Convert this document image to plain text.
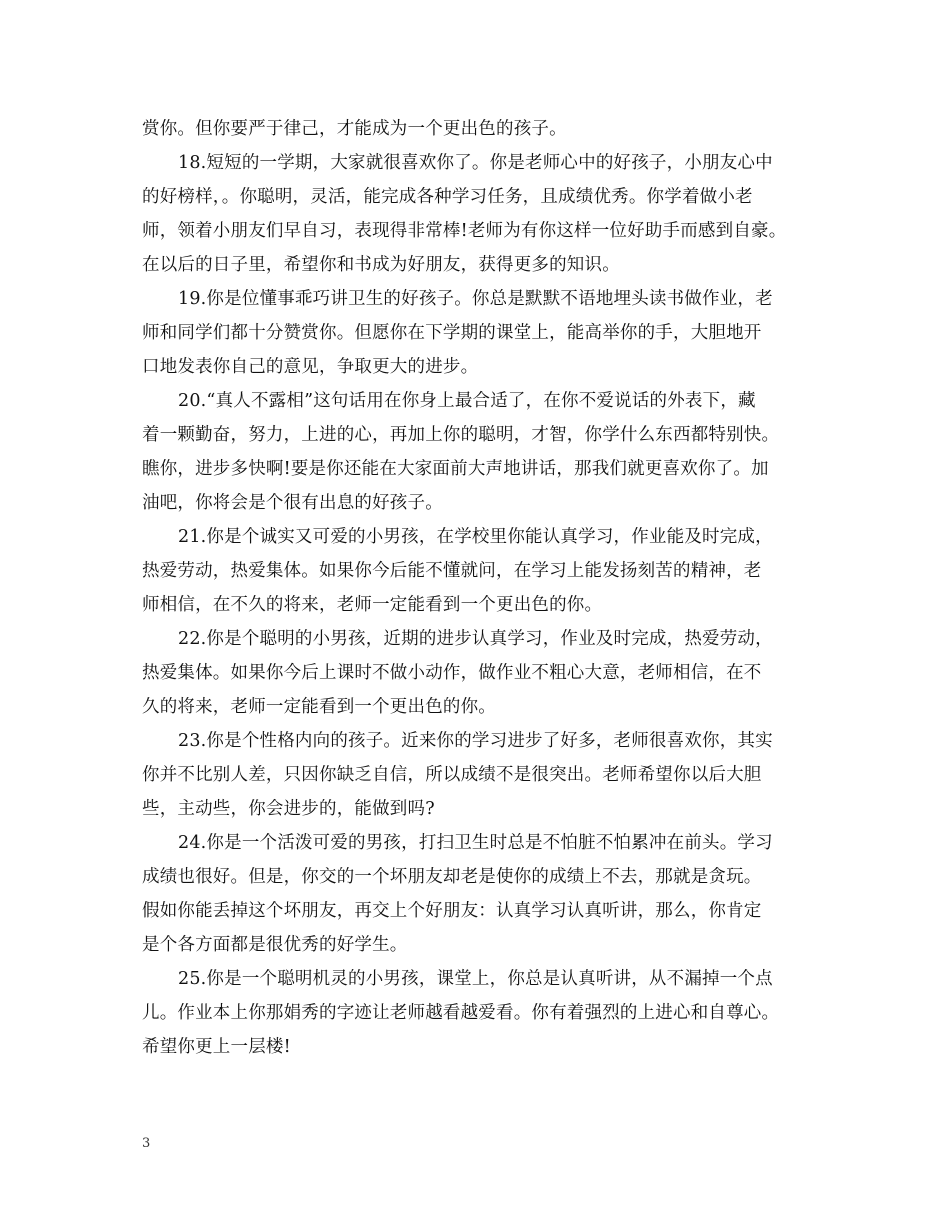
赏你。但你要严于律己，才能成为一个更出色的孩子。
18.短短的一学期，大家就很喜欢你了。你是老师心中的好孩子，小朋友心中
的好榜样，。你聪明，灵活，能完成各种学习任务，且成绩优秀。你学着做小老
师，领着小朋友们早自习，表现得非常棒!老师为有你这样一位好助手而感到自豪。
在以后的日子里，希望你和书成为好朋友，获得更多的知识。
19.你是位懂事乖巧讲卫生的好孩子。你总是默默不语地埋头读书做作业，老
师和同学们都十分赞赏你。但愿你在下学期的课堂上，能高举你的手，大胆地开
口地发表你自己的意见，争取更大的进步。
20.“真人不露相”这句话用在你身上最合适了，在你不爱说话的外表下，藏
着一颗勤奋，努力，上进的心，再加上你的聪明，才智，你学什么东西都特别快。
瞧你，进步多快啊!要是你还能在大家面前大声地讲话，那我们就更喜欢你了。加
油吧，你将会是个很有出息的好孩子。
21.你是个诚实又可爱的小男孩，在学校里你能认真学习，作业能及时完成，
热爱劳动，热爱集体。如果你今后能不懂就问，在学习上能发扬刻苦的精神，老
师相信，在不久的将来，老师一定能看到一个更出色的你。
22.你是个聪明的小男孩，近期的进步认真学习，作业及时完成，热爱劳动，
热爱集体。如果你今后上课时不做小动作，做作业不粗心大意，老师相信，在不
久的将来，老师一定能看到一个更出色的你。
23.你是个性格内向的孩子。近来你的学习进步了好多，老师很喜欢你，其实
你并不比别人差，只因你缺乏自信，所以成绩不是很突出。老师希望你以后大胆
些，主动些，你会进步的，能做到吗?
24.你是一个活泼可爱的男孩，打扫卫生时总是不怕脏不怕累冲在前头。学习
成绩也很好。但是，你交的一个坏朋友却老是使你的成绩上不去，那就是贪玩。
假如你能丢掉这个坏朋友，再交上个好朋友：认真学习认真听讲，那么，你肯定
是个各方面都是很优秀的好学生。
25.你是一个聪明机灵的小男孩，课堂上，你总是认真听讲，从不漏掉一个点
儿。作业本上你那娟秀的字迹让老师越看越爱看。你有着强烈的上进心和自尊心。
希望你更上一层楼!
3
